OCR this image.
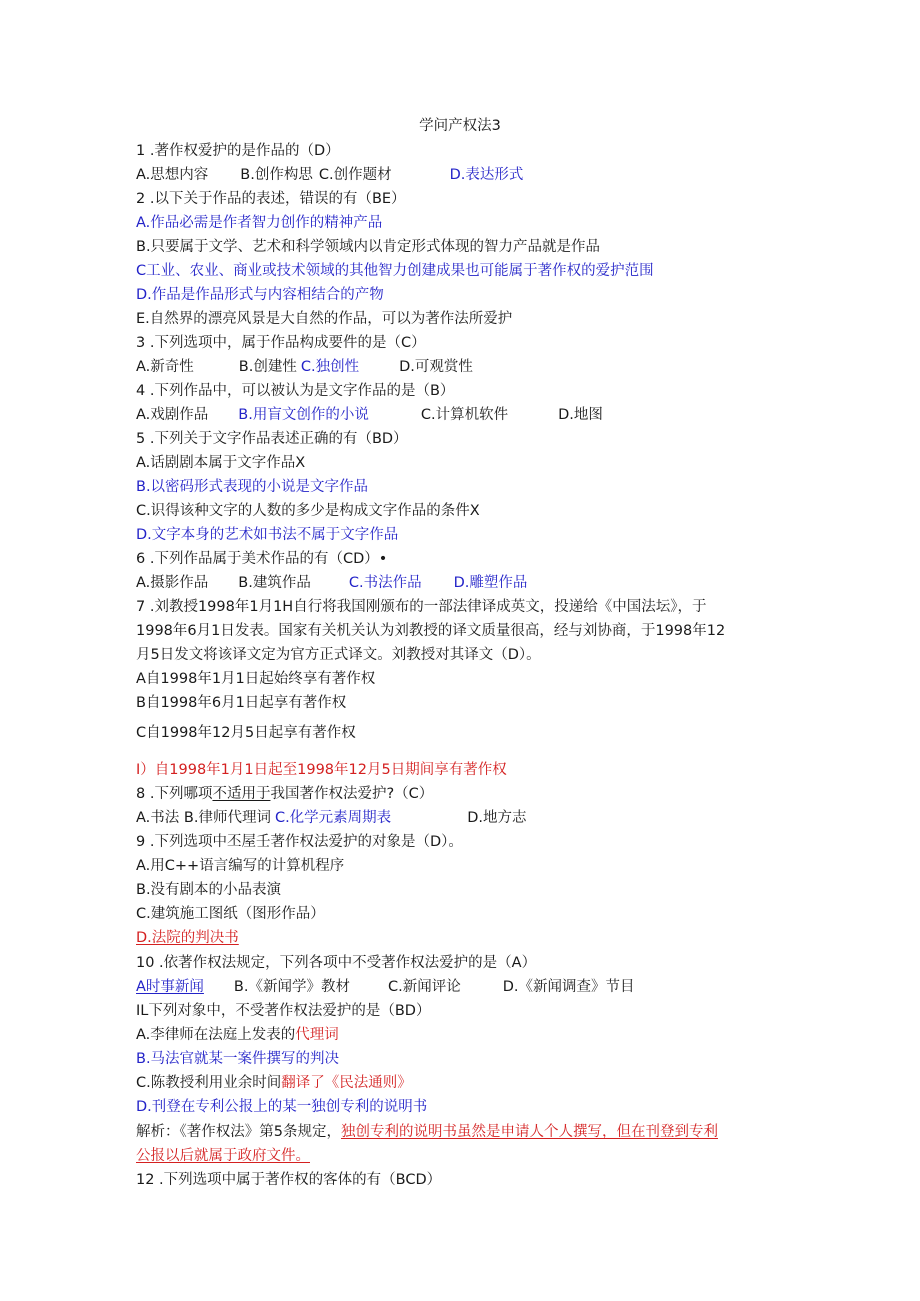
学问产权法3
1 .著作权爱护的是作品的（D）
A.思想内容 B.创作构思 C.创作题材	D.表达形式
2 .以下关于作品的表述，错误的有（BE）
A.作品必需是作者智力创作的精神产品
B.只要属于文学、艺术和科学领域内以肯定形式体现的智力产品就是作品
C工业、农业、商业或技术领域的其他智力创建成果也可能属于著作权的爱护范围
D.作品是作品形式与内容相结合的产物
E.自然界的漂亮风景是大自然的作品，可以为著作法所爱护
3 .下列选项中，属于作品构成要件的是（C）
A.新奇性	B.创建性 C.独创性	D.可观赏性
4 .下列作品中，可以被认为是文字作品的是（B）
A.戏剧作品 B.用盲文创作的小说	C.计算机软件	D.地图
5 .下列关于文字作品表述正确的有（BD）
A.话剧剧本属于文字作品X
B.以密码形式表现的小说是文字作品
C.识得该种文字的人数的多少是构成文字作品的条件X
D.文字本身的艺术如书法不属于文字作品
6 .下列作品属于美术作品的有（CD）•
A.摄影作品 B.建筑作品	C.书法作品 D.雕塑作品
7 .刘教授1998年1月1H自行将我国刚颁布的一部法律译成英文，投递给《中国法坛》，于
1998年6月1日发表。国家有关机关认为刘教授的译文质量很高，经与刘协商，于1998年12
月5日发文将该译文定为官方正式译文。刘教授对其译文（D）。
A自1998年1月1日起始终享有著作权
B自1998年6月1日起享有著作权
C自1998年12月5日起享有著作权
I）自1998年1月1日起至1998年12月5日期间享有著作权
8 .下列哪项不适用于我国著作权法爱护?（C）
A.书法 B.律师代理词 C.化学元素周期表	D.地方志
9 .下列选项中丕屋壬著作权法爱护的对象是（D）。
A.用C++语言编写的计算机程序
B.没有剧本的小品表演
C.建筑施工图纸（图形作品）
D.法院的判决书
10 .依著作权法规定，下列各项中不受著作权法爱护的是（A）
A时事新闻 B.《新闻学》教材	C.新闻评论	D.《新闻调查》节目
IL下列对象中，不受著作权法爱护的是（BD）
A.李律师在法庭上发表的代理词
B.马法官就某一案件撰写的判决
C.陈教授利用业余时间翻译了《民法通则》
D.刊登在专利公报上的某一独创专利的说明书
解析：《著作权法》第5条规定，独创专利的说明书虽然是申请人个人撰写，但在刊登到专利
公报以后就属于政府文件。
12 .下列选项中属于著作权的客体的有（BCD）
